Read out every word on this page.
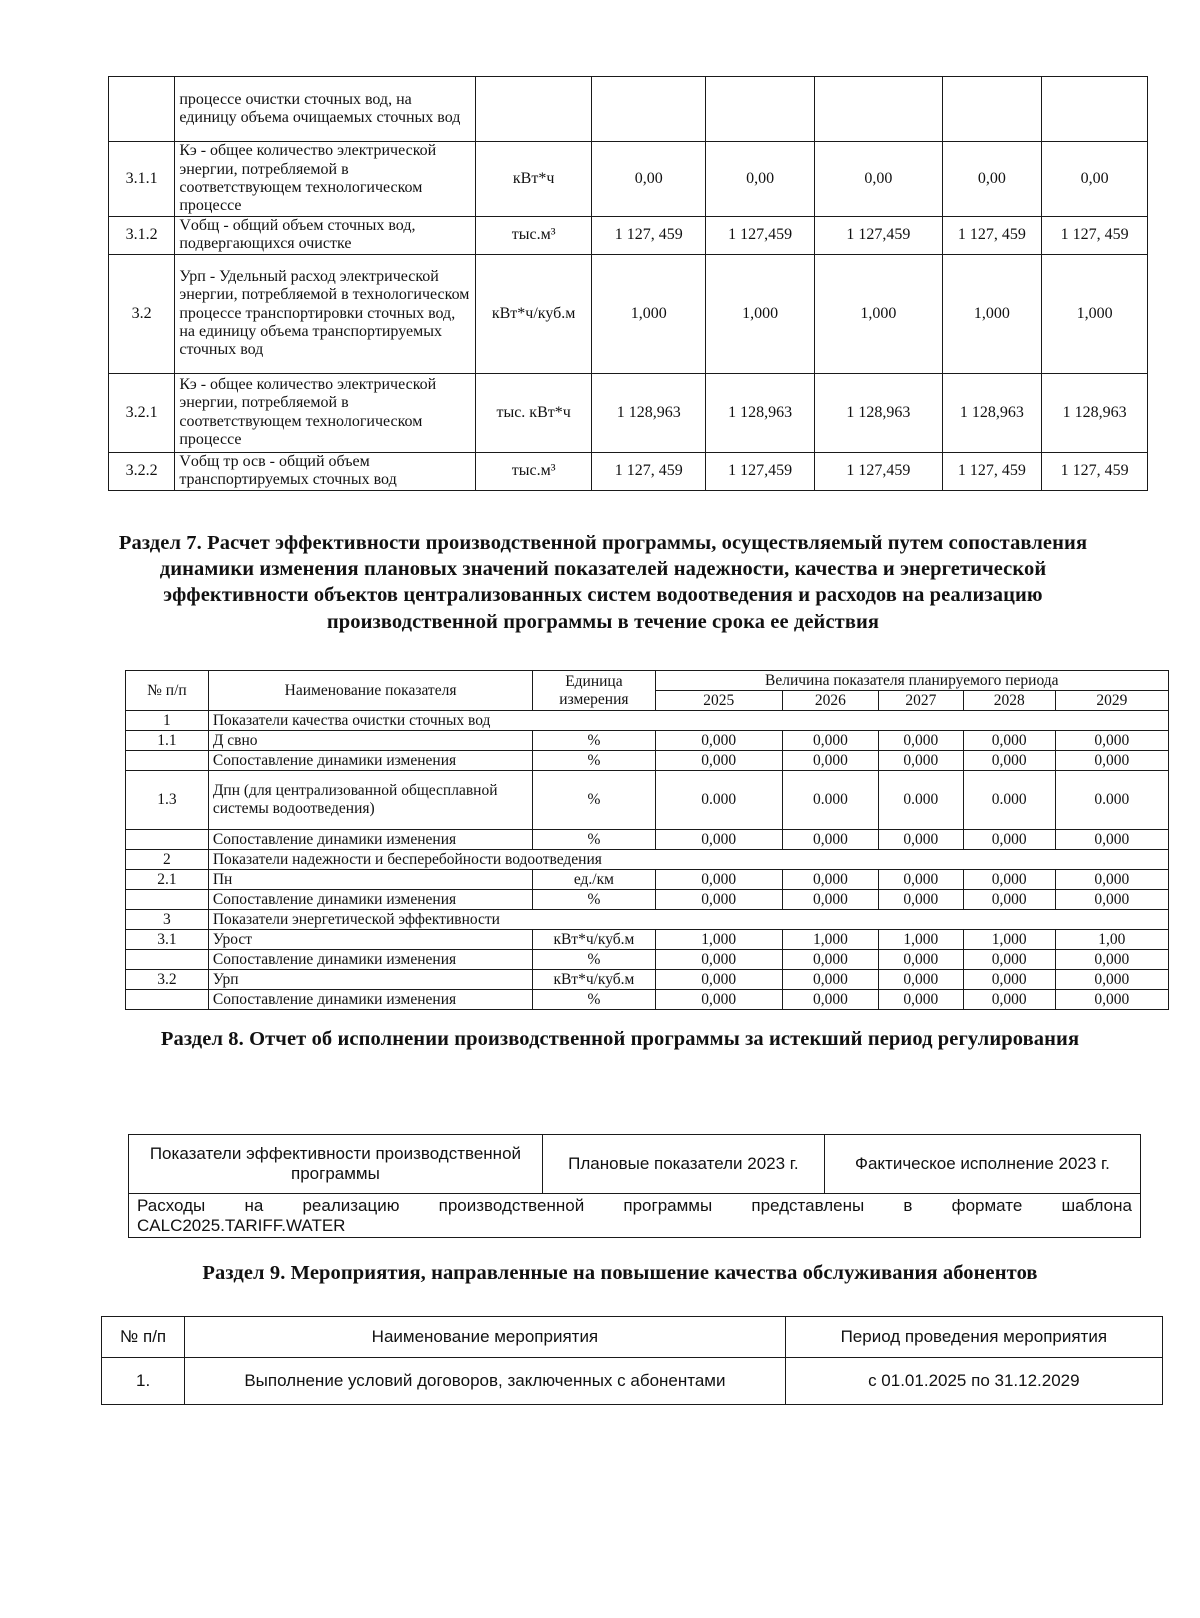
	процессе очистки сточных вод, на единицу объема очищаемых сточных вод						
3.1.1	Кэ - общее количество электрической энергии, потребляемой в соответствующем технологическом процессе	кВт*ч	0,00	0,00	0,00	0,00	0,00
3.1.2	Vобщ - общий объем сточных вод, подвергающихся очистке	тыс.м³	1 127, 459	1 127,459	1 127,459	1 127, 459	1 127, 459
3.2	Урп - Удельный расход электрической энергии, потребляемой в технологическом процессе транспортировки сточных вод, на единицу объема транспортируемых сточных вод	кВт*ч/куб.м	1,000	1,000	1,000	1,000	1,000
3.2.1	Кэ - общее количество электрической энергии, потребляемой в соответствующем технологическом процессе	тыс. кВт*ч	1 128,963	1 128,963	1 128,963	1 128,963	1 128,963
3.2.2	Vобщ тр осв - общий объем транспортируемых сточных вод	тыс.м³	1 127, 459	1 127,459	1 127,459	1 127, 459	1 127, 459
Раздел 7. Расчет эффективности производственной программы, осуществляемый путем сопоставления динамики изменения плановых значений показателей надежности, качества и энергетической эффективности объектов централизованных систем водоотведения и расходов на реализацию производственной программы в течение срока ее действия
№ п/п	Наименование показателя	Единица измерения	Величина показателя планируемого периода				
			2025	2026	2027	2028	2029
1	Показатели качества очистки сточных вод						
1.1	Д свно	%	0,000	0,000	0,000	0,000	0,000
	Сопоставление динамики изменения	%	0,000	0,000	0,000	0,000	0,000
1.3	Дпн (для централизованной общесплавной системы водоотведения)	%	0.000	0.000	0.000	0.000	0.000
	Сопоставление динамики изменения	%	0,000	0,000	0,000	0,000	0,000
2	Показатели надежности и бесперебойности водоотведения						
2.1	Пн	ед./км	0,000	0,000	0,000	0,000	0,000
	Сопоставление динамики изменения	%	0,000	0,000	0,000	0,000	0,000
3	Показатели энергетической эффективности						
3.1	Урост	кВт*ч/куб.м	1,000	1,000	1,000	1,000	1,00
	Сопоставление динамики изменения	%	0,000	0,000	0,000	0,000	0,000
3.2	Урп	кВт*ч/куб.м	0,000	0,000	0,000	0,000	0,000
	Сопоставление динамики изменения	%	0,000	0,000	0,000	0,000	0,000
Раздел 8. Отчет об исполнении производственной программы за истекший период регулирования
Показатели эффективности производственной программы	Плановые показатели 2023 г.	Фактическое исполнение 2023 г.

Расходы на реализацию производственной программы представлены в формате шаблона
CALC2025.TARIFF.WATER
Раздел 9. Мероприятия, направленные на повышение качества обслуживания абонентов
№ п/п	Наименование мероприятия	Период проведения мероприятия
1.	Выполнение условий договоров, заключенных с абонентами	с 01.01.2025 по 31.12.2029
